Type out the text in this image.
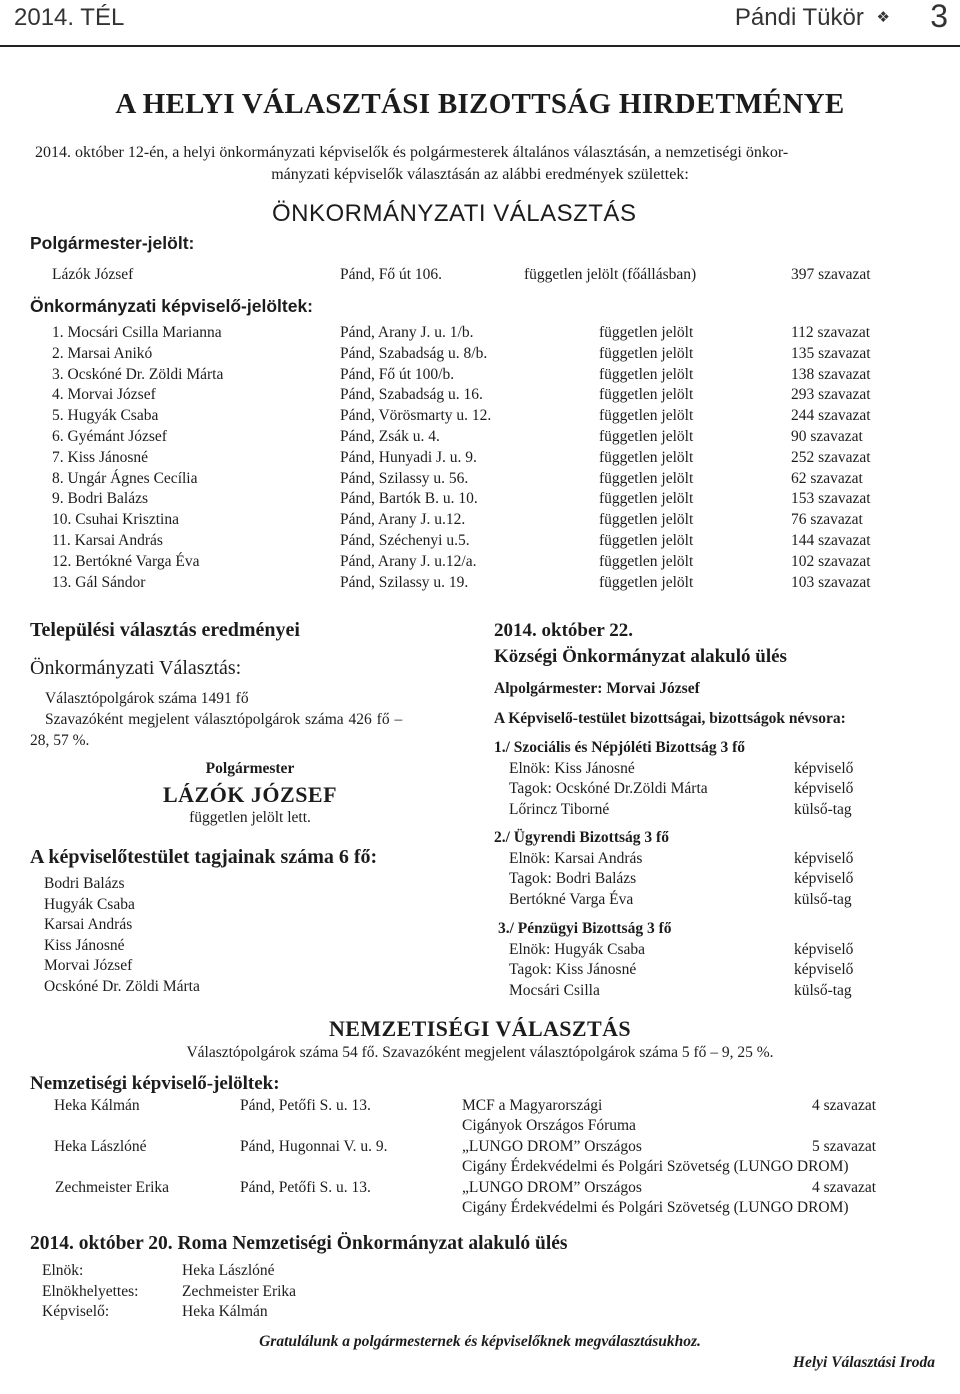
2014. TÉL	Pándi Tükör ❖ 3
A HELYI VÁLASZTÁSI BIZOTTSÁG HIRDETMÉNYE
2014. október 12-én, a helyi önkormányzati képviselők és polgármesterek általános választásán, a nemzetiségi önkor-
mányzati képviselők választásán az alábbi eredmények születtek:
ÖNKORMÁNYZATI VÁLASZTÁS
Polgármester-jelölt:
Lázók József	Pánd, Fő út 106.	független jelölt (főállásban)	397 szavazat
Önkormányzati képviselő-jelöltek:
1. Mocsári Csilla Marianna	Pánd, Arany J. u. 1/b.	független jelölt	112 szavazat
2. Marsai Anikó	Pánd, Szabadság u. 8/b.	független jelölt	135 szavazat
3. Ocskóné Dr. Zöldi Márta	Pánd, Fő út 100/b.	független jelölt	138 szavazat
4. Morvai József	Pánd, Szabadság u. 16.	független jelölt	293 szavazat
5. Hugyák Csaba	Pánd, Vörösmarty u. 12.	független jelölt	244 szavazat
6. Gyémánt József	Pánd, Zsák u. 4.	független jelölt	90 szavazat
7. Kiss Jánosné	Pánd, Hunyadi J. u. 9.	független jelölt	252 szavazat
8. Ungár Ágnes Cecília	Pánd, Szilassy u. 56.	független jelölt	62 szavazat
9. Bodri Balázs	Pánd, Bartók B. u. 10.	független jelölt	153 szavazat
10. Csuhai Krisztina	Pánd, Arany J. u.12.	független jelölt	76 szavazat
11. Karsai András	Pánd, Széchenyi u.5.	független jelölt	144 szavazat
12. Bertókné Varga Éva	Pánd, Arany J. u.12/a.	független jelölt	102 szavazat
13. Gál Sándor	Pánd, Szilassy u. 19.	független jelölt	103 szavazat
Települési választás eredményei
Önkormányzati Választás:
Választópolgárok száma 1491 fő
Szavazóként megjelent választópolgárok száma 426 fő –
28, 57 %.
Polgármester
LÁZÓK JÓZSEF
független jelölt lett.
A képviselőtestület tagjainak száma 6 fő:
Bodri Balázs
Hugyák Csaba
Karsai András
Kiss Jánosné
Morvai József
Ocskóné Dr. Zöldi Márta
2014. október 22.
Községi Önkormányzat alakuló ülés
Alpolgármester: Morvai József
A Képviselő-testület bizottságai, bizottságok névsora:
1./ Szociális és Népjóléti Bizottság 3 fő
Elnök: Kiss Jánosné	képviselő
Tagok: Ocskóné Dr.Zöldi Márta	képviselő
Lőrincz Tiborné	külső-tag
2./ Ügyrendi Bizottság 3 fő
Elnök: Karsai András	képviselő
Tagok: Bodri Balázs	képviselő
Bertókné Varga Éva	külső-tag
3./ Pénzügyi Bizottság 3 fő
Elnök: Hugyák Csaba	képviselő
Tagok: Kiss Jánosné	képviselő
Mocsári Csilla	külső-tag
NEMZETISÉGI VÁLASZTÁS
Választópolgárok száma 54 fő. Szavazóként megjelent választópolgárok száma 5 fő – 9, 25 %.
Nemzetiségi képviselő-jelöltek:
Heka Kálmán	Pánd, Petőfi S. u. 13.	MCF a Magyarországi
Cigányok Országos Fóruma
4 szavazat
Heka Lászlóné	Pánd, Hugonnai V. u. 9.	„LUNGO DROM” Országos
Cigány Érdekvédelmi és Polgári Szövetség (LUNGO DROM)
5 szavazat
Zechmeister Erika	Pánd, Petőfi S. u. 13.	„LUNGO DROM” Országos
Cigány Érdekvédelmi és Polgári Szövetség (LUNGO DROM)
4 szavazat
2014. október 20. Roma Nemzetiségi Önkormányzat alakuló ülés
Elnök:	Heka Lászlóné
Elnökhelyettes:	Zechmeister Erika
Képviselő:	Heka Kálmán
Gratulálunk a polgármesternek és képviselőknek megválasztásukhoz.
Helyi Választási Iroda
